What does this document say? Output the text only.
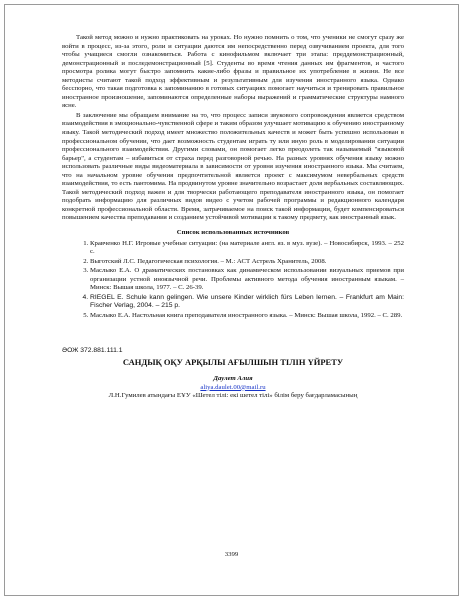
Такой метод можно и нужно практиковать на уроках. Но нужно помнить о том, что ученики не смогут сразу же войти в процесс, из-за этого, роли и ситуации даются им непосредственно перед озвучиванием проекта, для того чтобы учащиеся смогли ознакомиться. Работа с кинофильмом включает три этапа: преддемонстрационный, демонстрационный и последемонстрационный [5]. Студенты во время чтения данных им фрагментов, и частого просмотра ролика могут быстро запомнить какие-либо фразы и правильное их употребление в жизни. Не все методисты считают такой подход эффективным и результативным для изучения иностранного языка. Однако бесспорно, что такая подготовка к запоминанию в готовых ситуациях помогает научиться и тренировать правильное иностранное произношение, запоминаются определенные наборы выражений и грамматические структуры намного ясне.

В заключение мы обращаем внимание на то, что процесс записи звукового сопровождения является средством взаимодействия в эмоционально-чувственной сфере и таким образом улучшает мотивацию к обучению иностранному языку. Такой методический подход имеет множество положительных качеств и может быть успешно использован в профессиональном обучении, что дает возможность студентам играть ту или иную роль в моделировании ситуации профессионального взаимодействия. Другими словами, он помогает легко преодолеть так называемый "языковой барьер", а студентам – избавиться от страха перед разговорной речью. На разных уровнях обучения языку можно использовать различные виды видеоматериала в зависимости от уровня изучения иностранного языка. Мы считаем, что на начальном уровне обучения предпочтительной является проект с максимумом невербальных средств взаимодействия, то есть пантомима. На продвинутом уровне значительно возрастает доля вербальных составляющих. Такой методический подход важен и для творчески работающего преподавателя иностранного языка, он помогает подобрать информацию для различных видов видео с учетом рабочей программы и редакционного календаря конкретной профессиональной области. Время, затрачиваемое на поиск такой информации, будет компенсироваться повышением качества преподавания и созданием устойчивой мотивации к такому предмету, как иностранный язык.

Список использованных источников
1. Кравченко Н.Г. Игровые учебные ситуации: (на материале англ. яз. в муз. вузе). – Новосибирск, 1993. – 252 с.
2. Выготский Л.С. Педагогическая психология. – М.: АСТ Астрель Хранитель, 2008.
3. Маслыко Е.А. О драматических постановках как динамическом использовании визуальных приемов при организации устной иноязычной речи. Проблемы активного метода обучения иностранным языкам. – Минск: Вышая школа, 1977. – С. 26-39.
4. RIEGEL E. Schule kann gelingen. Wie unsere Kinder wirklich fürs Leben lernen. – Frankfurt am Main: Fischer Verlag, 2004. – 215 р.
5. Маслыко Е.А. Настольная книга преподавателя иностранного языка. – Минск: Вышая школа, 1992. – С. 289.
ӘОЖ 372.881.111.1
САНДЫҚ ОҚУ АРҚЫЛЫ АҒЫЛШЫН ТІЛІН ҮЙРЕТУ
Даулет Алия
aliya.daulet.00@mail.ru
Л.Н.Гумилев атындағы ЕҰУ «Шетел тілі: екі шетел тілі» білім беру бағдарламасының
3399
